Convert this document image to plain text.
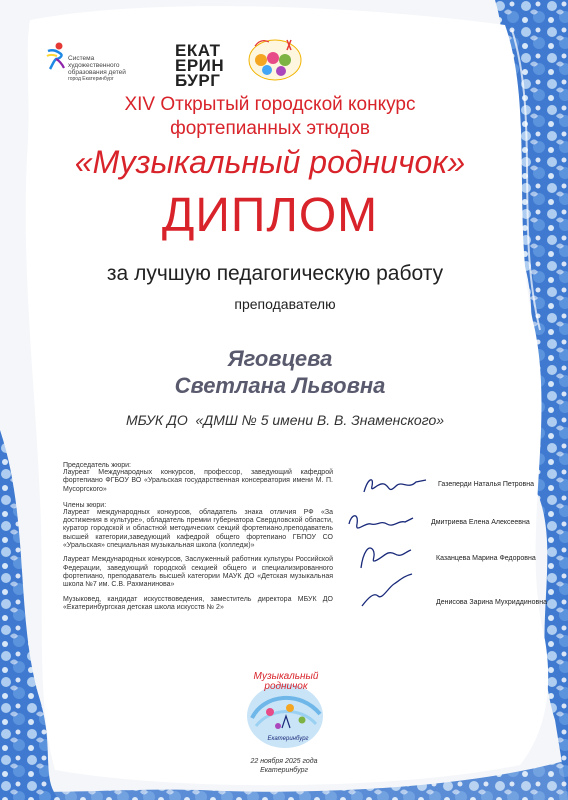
Система
художественного
образования детей
город Екатеринбург
ЕКАТ
ЕРИН
БУРГ
XIV Открытый городской конкурс
фортепианных этюдов
«Музыкальный родничок»
ДИПЛОМ
за лучшую педагогическую работу
преподавателю
Яговцева
Светлана Львовна
МБУК ДО  «ДМШ № 5 имени В. В. Знаменского»
Председатель жюри:
Лауреат Международных конкурсов, профессор, заведующий кафедрой фортепиано ФГБОУ ВО «Уральская государственная консерватория имени М. П. Мусоргского»
Члены жюри:
Лауреат международных конкурсов, обладатель знака отличия РФ «За достижения в культуре», обладатель премии губернатора Свердловской области, куратор городской и областной методических секций фортепиано,преподаватель высшей категории,заведующий кафедрой общего фортепиано ГБПОУ СО «Уральская» специальная музыкальная школа (колледж)»
Лауреат Международных конкурсов, Заслуженный работник культуры Российской Федерации, заведующий городской секцией общего и специализированного фортепиано, преподаватель высшей категории МАУК ДО «Детская музыкальная школа №7 им. С.В. Рахманинова»
Музыковед, кандидат искусствоведения, заместитель директора МБУК ДО «Екатеринбургская детская школа искусств № 2»
Газеперди Наталья Петровна
Дмитриева Елена Алексеевна
Казанцева Марина Федоровна
Денисова Зарина Мухриддиновна
Музыкальный
родничок
Екатеринбург
22 ноября 2025 года
Екатеринбург
